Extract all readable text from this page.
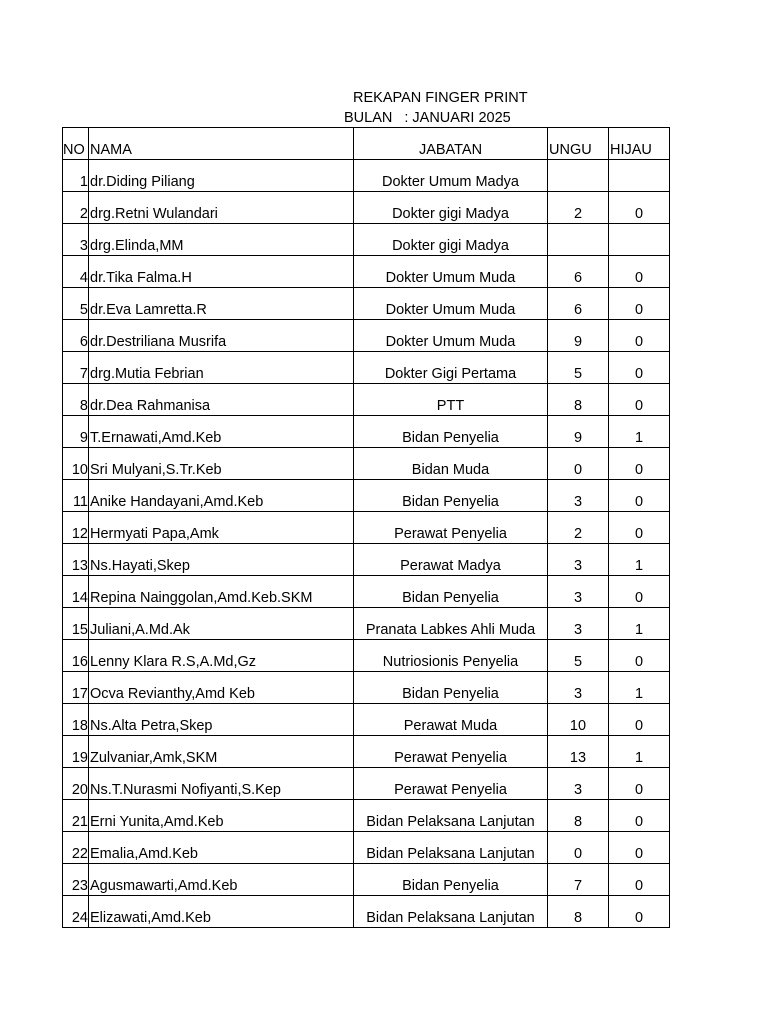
REKAPAN FINGER PRINT
BULAN : JANUARI 2025
NO	NAMA	JABATAN	UNGU	HIJAU
1	dr.Diding Piliang	Dokter Umum Madya		
2	drg.Retni Wulandari	Dokter gigi Madya	2	0
3	drg.Elinda,MM	Dokter gigi Madya		
4	dr.Tika Falma.H	Dokter Umum Muda	6	0
5	dr.Eva Lamretta.R	Dokter Umum Muda	6	0
6	dr.Destriliana Musrifa	Dokter Umum Muda	9	0
7	drg.Mutia Febrian	Dokter Gigi Pertama	5	0
8	dr.Dea Rahmanisa	PTT	8	0
9	T.Ernawati,Amd.Keb	Bidan Penyelia	9	1
10	Sri Mulyani,S.Tr.Keb	Bidan Muda	0	0
11	Anike Handayani,Amd.Keb	Bidan Penyelia	3	0
12	Hermyati Papa,Amk	Perawat Penyelia	2	0
13	Ns.Hayati,Skep	Perawat Madya	3	1
14	Repina Nainggolan,Amd.Keb.SKM	Bidan Penyelia	3	0
15	Juliani,A.Md.Ak	Pranata Labkes Ahli Muda	3	1
16	Lenny Klara R.S,A.Md,Gz	Nutriosionis Penyelia	5	0
17	Ocva Revianthy,Amd Keb	Bidan Penyelia	3	1
18	Ns.Alta Petra,Skep	Perawat Muda	10	0
19	Zulvaniar,Amk,SKM	Perawat Penyelia	13	1
20	Ns.T.Nurasmi Nofiyanti,S.Kep	Perawat Penyelia	3	0
21	Erni Yunita,Amd.Keb	Bidan Pelaksana Lanjutan	8	0
22	Emalia,Amd.Keb	Bidan Pelaksana Lanjutan	0	0
23	Agusmawarti,Amd.Keb	Bidan Penyelia	7	0
24	Elizawati,Amd.Keb	Bidan Pelaksana Lanjutan	8	0
